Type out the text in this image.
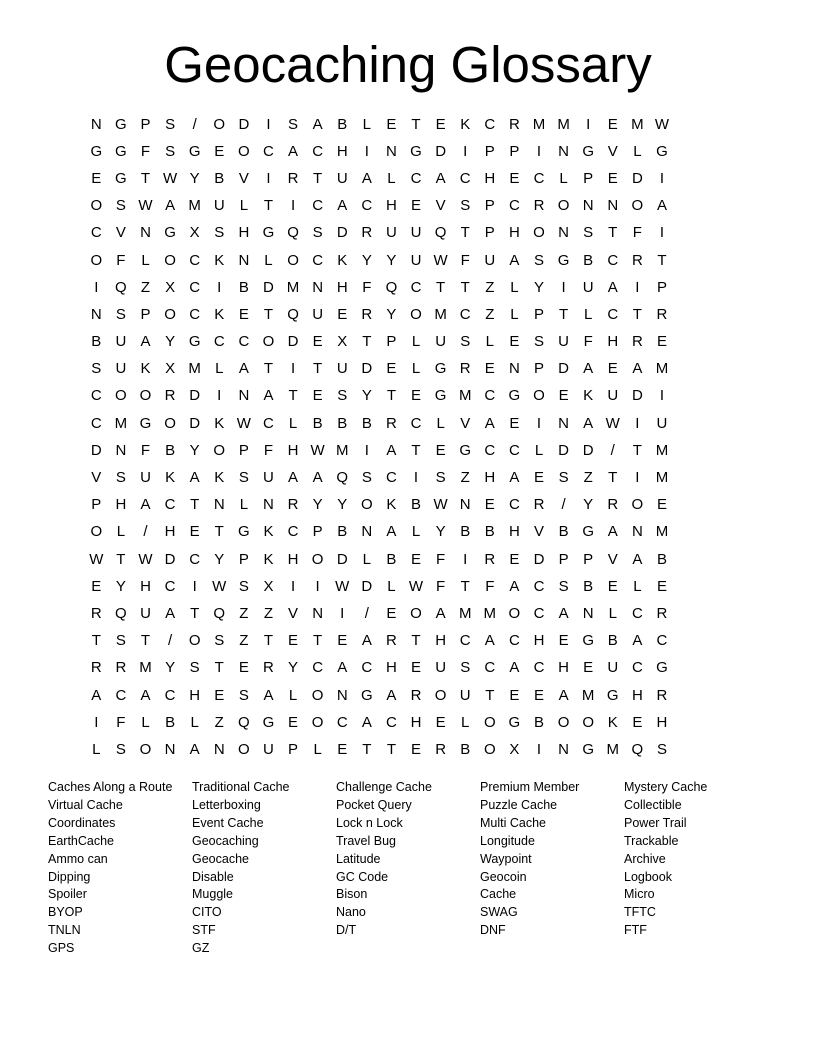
Geocaching Glossary
N G P S	/	O D	I	S A B	L	E	T	E K C R M M	I	E M W
G G F	S G E O C A C H	I	N G D	I	P P	I	N G V	L G
E G T W Y B V	I	R T U A	L	C A C H E C	L	P E D	I
O S W A M U	L	T	I	C A C H E V S P C R O N N O A
C V N G X S H G Q S D R U U Q T	P H O N S	T	F	I
O F	L O C K N	L O C K Y Y U W F U A S G B C R T
I	Q Z	X C	I	B D M N H F Q C T	T	Z	L	Y	I	U A	I	P
N S P O C K E	T Q U E R Y O M C Z	L	P	T	L	C T R
B U A Y G C C O D E X	T	P	L	U S	L	E S U F H R E
S U K X M L	A	T	I	T U D E	L G R E N P D A E A M
C O O R D	I	N A	T	E S Y	T	E G M C G O E K U D	I
C M G O D K W C	L	B B B R C	L	V A E	I	N A W	I	U
D N F	B Y O P	F H W M	I	A	T	E G C C	L	D D	/	T M
V S U K A K S U A A Q S C	I	S	Z H A E S	Z	T	I	M
P H A C T N	L	N R Y Y O K B W N E C R	/	Y R O E
O L	/	H E	T G K C P B N A	L	Y B B H V B G A N M
W T W D C Y P K H O D	L	B E	F	I	R E D P P V A B
E Y H C	I	W S X	I	I	W D	L W F	T	F	A C S B E	L	E
R Q U A	T Q Z	Z	V N	I	/	E O A M M O C A N	L	C R
T	S	T	/	O S	Z	T	E	T	E A R T H C A C H E G B A C
R R M Y S	T	E R Y C A C H E U S C A C H E U C G
A C A C H E S A	L O N G A R O U T	E E A M G H R
I	F	L	B	L	Z Q G E O C A C H E	L O G B O O K E H
L	S O N A N O U P	L	E	T	T	E R B O X	I	N G M Q S
Caches Along a Route
Virtual Cache
Coordinates
EarthCache
Ammo can
Dipping
Spoiler
BYOP
TNLN
GPS
Traditional Cache
Letterboxing
Event Cache
Geocaching
Geocache
Disable
Muggle
CITO
STF
GZ
Challenge Cache
Pocket Query
Lock n Lock
Travel Bug
Latitude
GC Code
Bison
Nano
D/T
Premium Member
Puzzle Cache
Multi Cache
Longitude
Waypoint
Geocoin
Cache
SWAG
DNF
Mystery Cache
Collectible
Power Trail
Trackable
Archive
Logbook
Micro
TFTC
FTF
